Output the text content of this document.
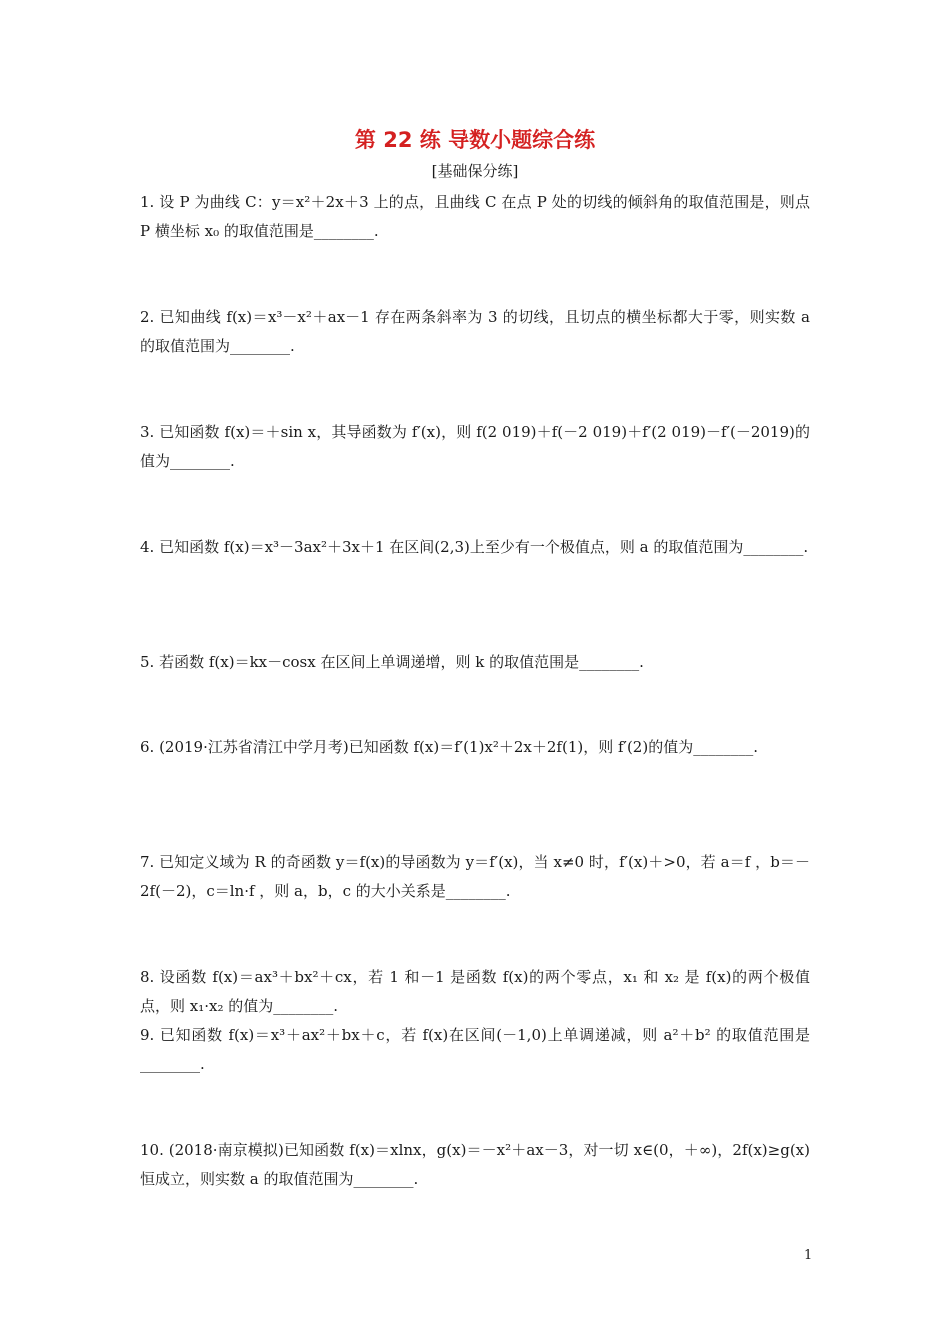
第 22 练 导数小题综合练
[基础保分练]
1. 设 P 为曲线 C：y＝x²＋2x＋3 上的点，且曲线 C 在点 P 处的切线的倾斜角的取值范围是，则点 P 横坐标 x₀ 的取值范围是________.
2. 已知曲线 f(x)＝x³－x²＋ax－1 存在两条斜率为 3 的切线，且切点的横坐标都大于零，则实数 a 的取值范围为________.
3. 已知函数 f(x)＝＋sin x，其导函数为 f′(x)，则 f(2 019)＋f(－2 019)＋f′(2 019)－f′(－2019)的值为________.
4. 已知函数 f(x)＝x³－3ax²＋3x＋1 在区间(2,3)上至少有一个极值点，则 a 的取值范围为________.
5. 若函数 f(x)＝kx－cosx 在区间上单调递增，则 k 的取值范围是________.
6. (2019·江苏省清江中学月考)已知函数 f(x)＝f′(1)x²＋2x＋2f(1)，则 f′(2)的值为________.
7. 已知定义域为 R 的奇函数 y＝f(x)的导函数为 y＝f′(x)，当 x≠0 时，f′(x)＋>0，若 a＝f ，b＝－2f(－2)，c＝ln·f ，则 a，b，c 的大小关系是________.
8. 设函数 f(x)＝ax³＋bx²＋cx，若 1 和－1 是函数 f(x)的两个零点，x₁ 和 x₂ 是 f(x)的两个极值点，则 x₁·x₂ 的值为________.
9. 已知函数 f(x)＝x³＋ax²＋bx＋c，若 f(x)在区间(－1,0)上单调递减，则 a²＋b² 的取值范围是________.
10. (2018·南京模拟)已知函数 f(x)＝xlnx，g(x)＝－x²＋ax－3，对一切 x∈(0，＋∞)，2f(x)≥g(x)恒成立，则实数 a 的取值范围为________.
1
